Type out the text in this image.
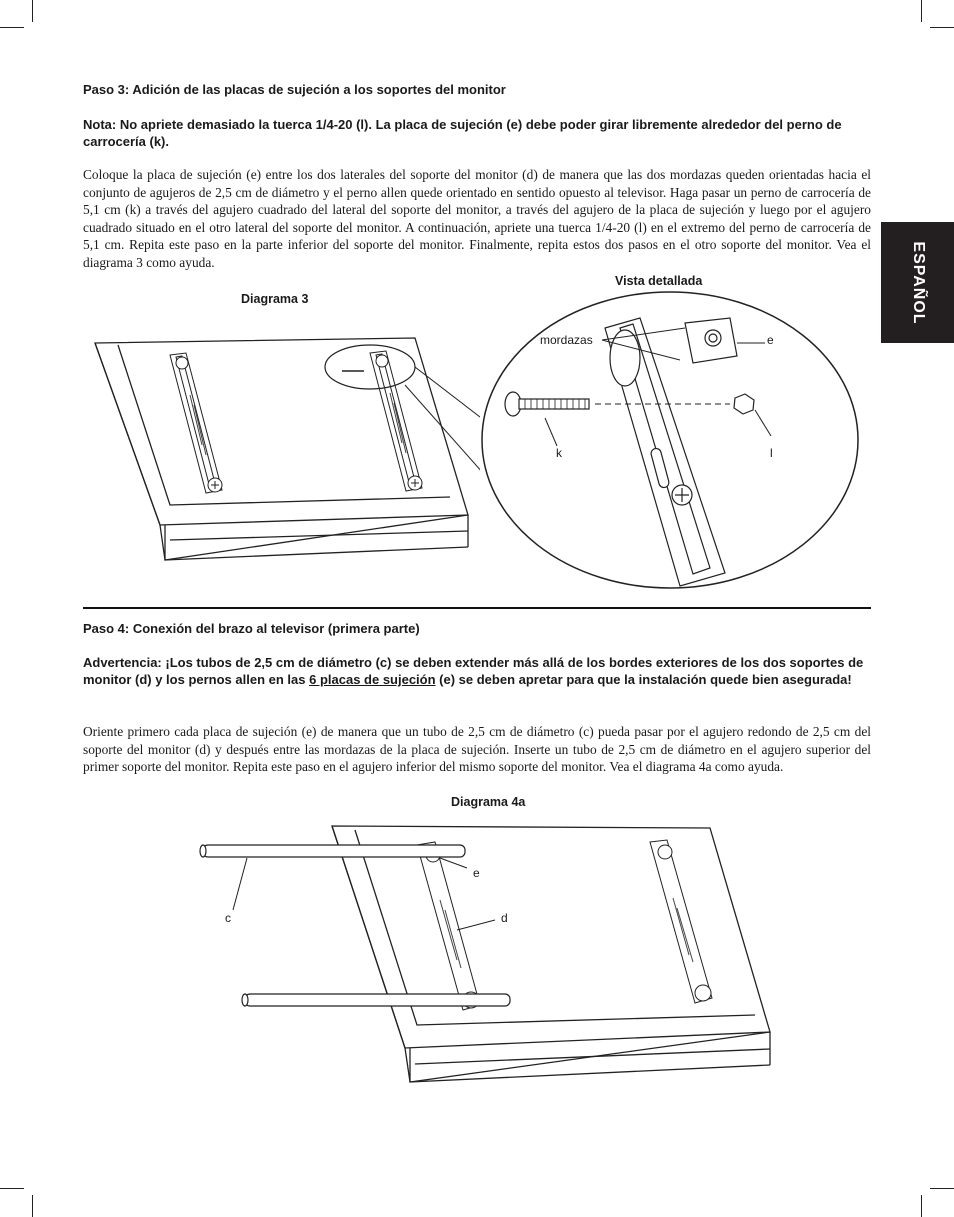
ESPAÑOL
Paso 3: Adición de las placas de sujeción a los soportes del monitor
Nota: No apriete demasiado la tuerca 1/4-20 (l). La placa de sujeción (e) debe poder girar libremente alrededor del perno de carrocería (k).
Coloque la placa de sujeción (e) entre los dos laterales del soporte del monitor (d) de manera que las dos mordazas queden orientadas hacia el conjunto de agujeros de 2,5 cm de diámetro y el perno allen quede orientado en sentido opuesto al televisor. Haga pasar un perno de carrocería de 5,1 cm (k) a través del agujero cuadrado del lateral del soporte del monitor, a través del agujero de la placa de sujeción y luego por el agujero cuadrado situado en el otro lateral del soporte del monitor. A continuación, apriete una tuerca 1/4-20 (l) en el extremo del perno de carrocería de 5,1 cm. Repita este paso en la parte inferior del soporte del monitor. Finalmente, repita estos dos pasos en el otro soporte del monitor. Vea el diagrama 3 como ayuda.
Diagrama 3
Vista detallada
mordazas	e
k	l
Paso 4: Conexión del brazo al televisor (primera parte)
Advertencia: ¡Los tubos de 2,5 cm de diámetro (c) se deben extender más allá de los bordes exteriores de los dos soportes de monitor (d) y los pernos allen en las 6 placas de sujeción (e) se deben apretar para que la instalación quede bien asegurada!
Oriente primero cada placa de sujeción (e) de manera que un tubo de 2,5 cm de diámetro (c) pueda pasar por el agujero redondo de 2,5 cm del soporte del monitor (d) y después entre las mordazas de la placa de sujeción. Inserte un tubo de 2,5 cm de diámetro en el agujero superior del primer soporte del monitor. Repita este paso en el agujero inferior del mismo soporte del monitor. Vea el diagrama 4a como ayuda.
Diagrama 4a
c	d
e
